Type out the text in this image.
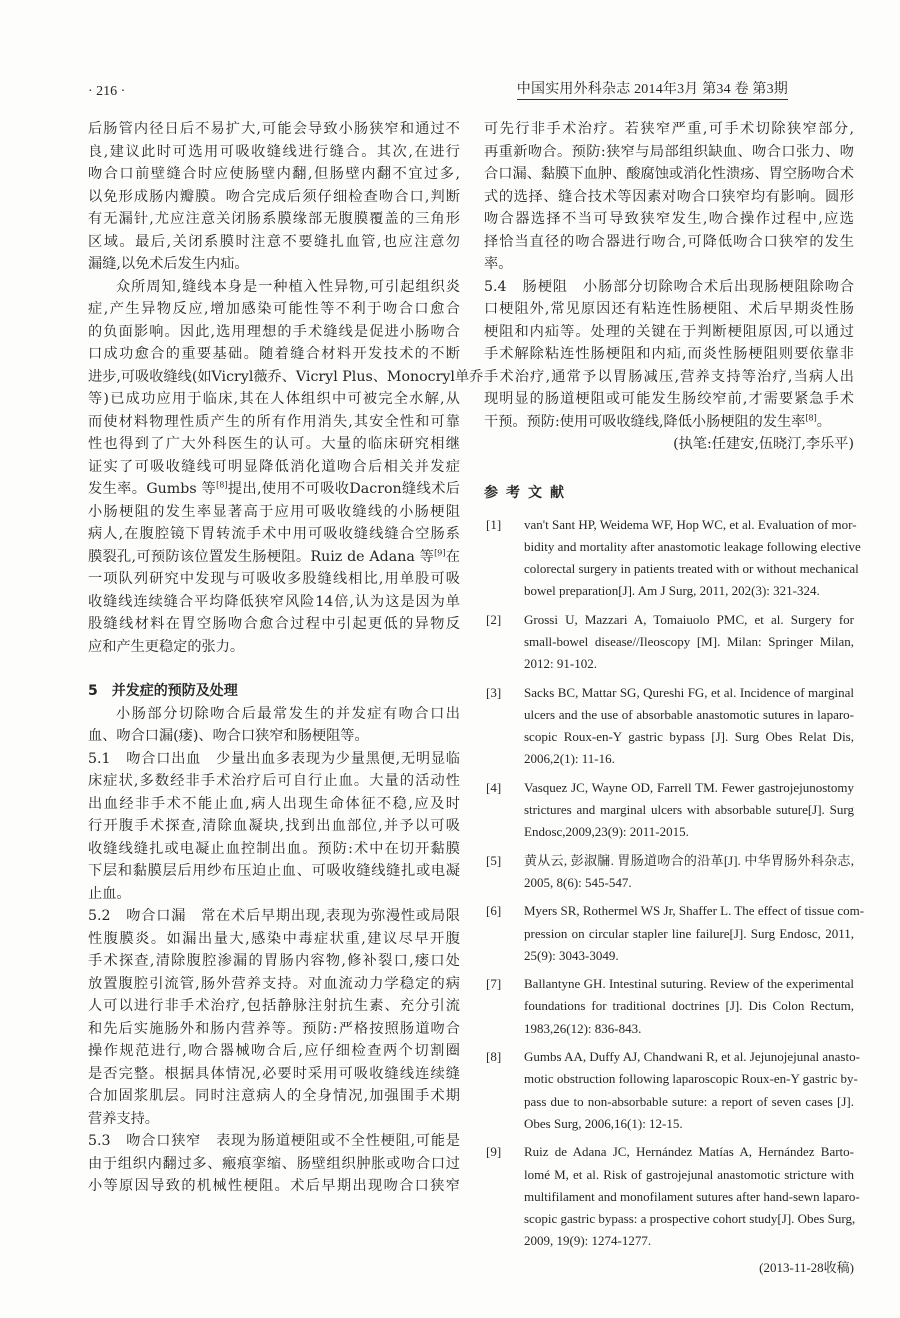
· 216 ·	中国实用外科杂志 2014年3月 第34 卷 第3期
后肠管内径日后不易扩大,可能会导致小肠狭窄和通过不
良,建议此时可选用可吸收缝线进行缝合。其次,在进行
吻合口前壁缝合时应使肠壁内翻,但肠壁内翻不宜过多,
以免形成肠内瓣膜。吻合完成后须仔细检查吻合口,判断
有无漏针,尤应注意关闭肠系膜缘部无腹膜覆盖的三角形
区域。最后,关闭系膜时注意不要缝扎血管,也应注意勿
漏缝,以免术后发生内疝。
众所周知,缝线本身是一种植入性异物,可引起组织炎
症,产生异物反应,增加感染可能性等不利于吻合口愈合
的负面影响。因此,选用理想的手术缝线是促进小肠吻合
口成功愈合的重要基础。随着缝合材料开发技术的不断
进步,可吸收缝线(如Vicryl薇乔、Vicryl Plus、Monocryl单乔
等)已成功应用于临床,其在人体组织中可被完全水解,从
而使材料物理性质产生的所有作用消失,其安全性和可靠
性也得到了广大外科医生的认可。大量的临床研究相继
证实了可吸收缝线可明显降低消化道吻合后相关并发症
发生率。Gumbs 等[8]提出,使用不可吸收Dacron缝线术后
小肠梗阻的发生率显著高于应用可吸收缝线的小肠梗阻
病人,在腹腔镜下胃转流手术中用可吸收缝线缝合空肠系
膜裂孔,可预防该位置发生肠梗阻。Ruiz de Adana 等[9]在
一项队列研究中发现与可吸收多股缝线相比,用单股可吸
收缝线连续缝合平均降低狭窄风险14倍,认为这是因为单
股缝线材料在胃空肠吻合愈合过程中引起更低的异物反
应和产生更稳定的张力。
5　并发症的预防及处理
小肠部分切除吻合后最常发生的并发症有吻合口出
血、吻合口漏(瘘)、吻合口狭窄和肠梗阻等。
5.1　吻合口出血　少量出血多表现为少量黑便,无明显临
床症状,多数经非手术治疗后可自行止血。大量的活动性
出血经非手术不能止血,病人出现生命体征不稳,应及时
行开腹手术探查,清除血凝块,找到出血部位,并予以可吸
收缝线缝扎或电凝止血控制出血。预防:术中在切开黏膜
下层和黏膜层后用纱布压迫止血、可吸收缝线缝扎或电凝
止血。
5.2　吻合口漏　常在术后早期出现,表现为弥漫性或局限
性腹膜炎。如漏出量大,感染中毒症状重,建议尽早开腹
手术探查,清除腹腔渗漏的胃肠内容物,修补裂口,瘘口处
放置腹腔引流管,肠外营养支持。对血流动力学稳定的病
人可以进行非手术治疗,包括静脉注射抗生素、充分引流
和先后实施肠外和肠内营养等。预防:严格按照肠道吻合
操作规范进行,吻合器械吻合后,应仔细检查两个切割圈
是否完整。根据具体情况,必要时采用可吸收缝线连续缝
合加固浆肌层。同时注意病人的全身情况,加强围手术期
营养支持。
5.3　吻合口狭窄　表现为肠道梗阻或不全性梗阻,可能是
由于组织内翻过多、瘢痕挛缩、肠壁组织肿胀或吻合口过
小等原因导致的机械性梗阻。术后早期出现吻合口狭窄
可先行非手术治疗。若狭窄严重,可手术切除狭窄部分,
再重新吻合。预防:狭窄与局部组织缺血、吻合口张力、吻
合口漏、黏膜下血肿、酸腐蚀或消化性溃疡、胃空肠吻合术
式的选择、缝合技术等因素对吻合口狭窄均有影响。圆形
吻合器选择不当可导致狭窄发生,吻合操作过程中,应选
择恰当直径的吻合器进行吻合,可降低吻合口狭窄的发生
率。
5.4　肠梗阻　小肠部分切除吻合术后出现肠梗阻除吻合
口梗阻外,常见原因还有粘连性肠梗阻、术后早期炎性肠
梗阻和内疝等。处理的关键在于判断梗阻原因,可以通过
手术解除粘连性肠梗阻和内疝,而炎性肠梗阻则要依靠非
手术治疗,通常予以胃肠减压,营养支持等治疗,当病人出
现明显的肠道梗阻或可能发生肠绞窄前,才需要紧急手术
干预。预防:使用可吸收缝线,降低小肠梗阻的发生率[8]。
(执笔:任建安,伍晓汀,李乐平)
参考文献
[1] van't Sant HP, Weidema WF, Hop WC, et al. Evaluation of mor-
bidity and mortality after anastomotic leakage following elective
colorectal surgery in patients treated with or without mechanical
bowel preparation[J]. Am J Surg, 2011, 202(3): 321-324.
[2] Grossi U, Mazzari A, Tomaiuolo PMC, et al. Surgery for
small-bowel disease//Ileoscopy [M]. Milan: Springer Milan,
2012: 91-102.
[3] Sacks BC, Mattar SG, Qureshi FG, et al. Incidence of marginal
ulcers and the use of absorbable anastomotic sutures in laparo-
scopic Roux-en-Y gastric bypass [J]. Surg Obes Relat Dis,
2006,2(1): 11-16.
[4] Vasquez JC, Wayne OD, Farrell TM. Fewer gastrojejunostomy
strictures and marginal ulcers with absorbable suture[J]. Surg
Endosc,2009,23(9): 2011-2015.
[5] 黄从云, 彭淑牖. 胃肠道吻合的沿革[J]. 中华胃肠外科杂志,
2005, 8(6): 545-547.
[6] Myers SR, Rothermel WS Jr, Shaffer L. The effect of tissue com-
pression on circular stapler line failure[J]. Surg Endosc, 2011,
25(9): 3043-3049.
[7] Ballantyne GH. Intestinal suturing. Review of the experimental
foundations for traditional doctrines [J]. Dis Colon Rectum,
1983,26(12): 836-843.
[8] Gumbs AA, Duffy AJ, Chandwani R, et al. Jejunojejunal anasto-
motic obstruction following laparoscopic Roux-en-Y gastric by-
pass due to non-absorbable suture: a report of seven cases [J].
Obes Surg, 2006,16(1): 12-15.
[9] Ruiz de Adana JC, Hernández Matías A, Hernández Barto-
lomé M, et al. Risk of gastrojejunal anastomotic stricture with
multifilament and monofilament sutures after hand-sewn laparo-
scopic gastric bypass: a prospective cohort study[J]. Obes Surg,
2009, 19(9): 1274-1277.
(2013-11-28收稿)
